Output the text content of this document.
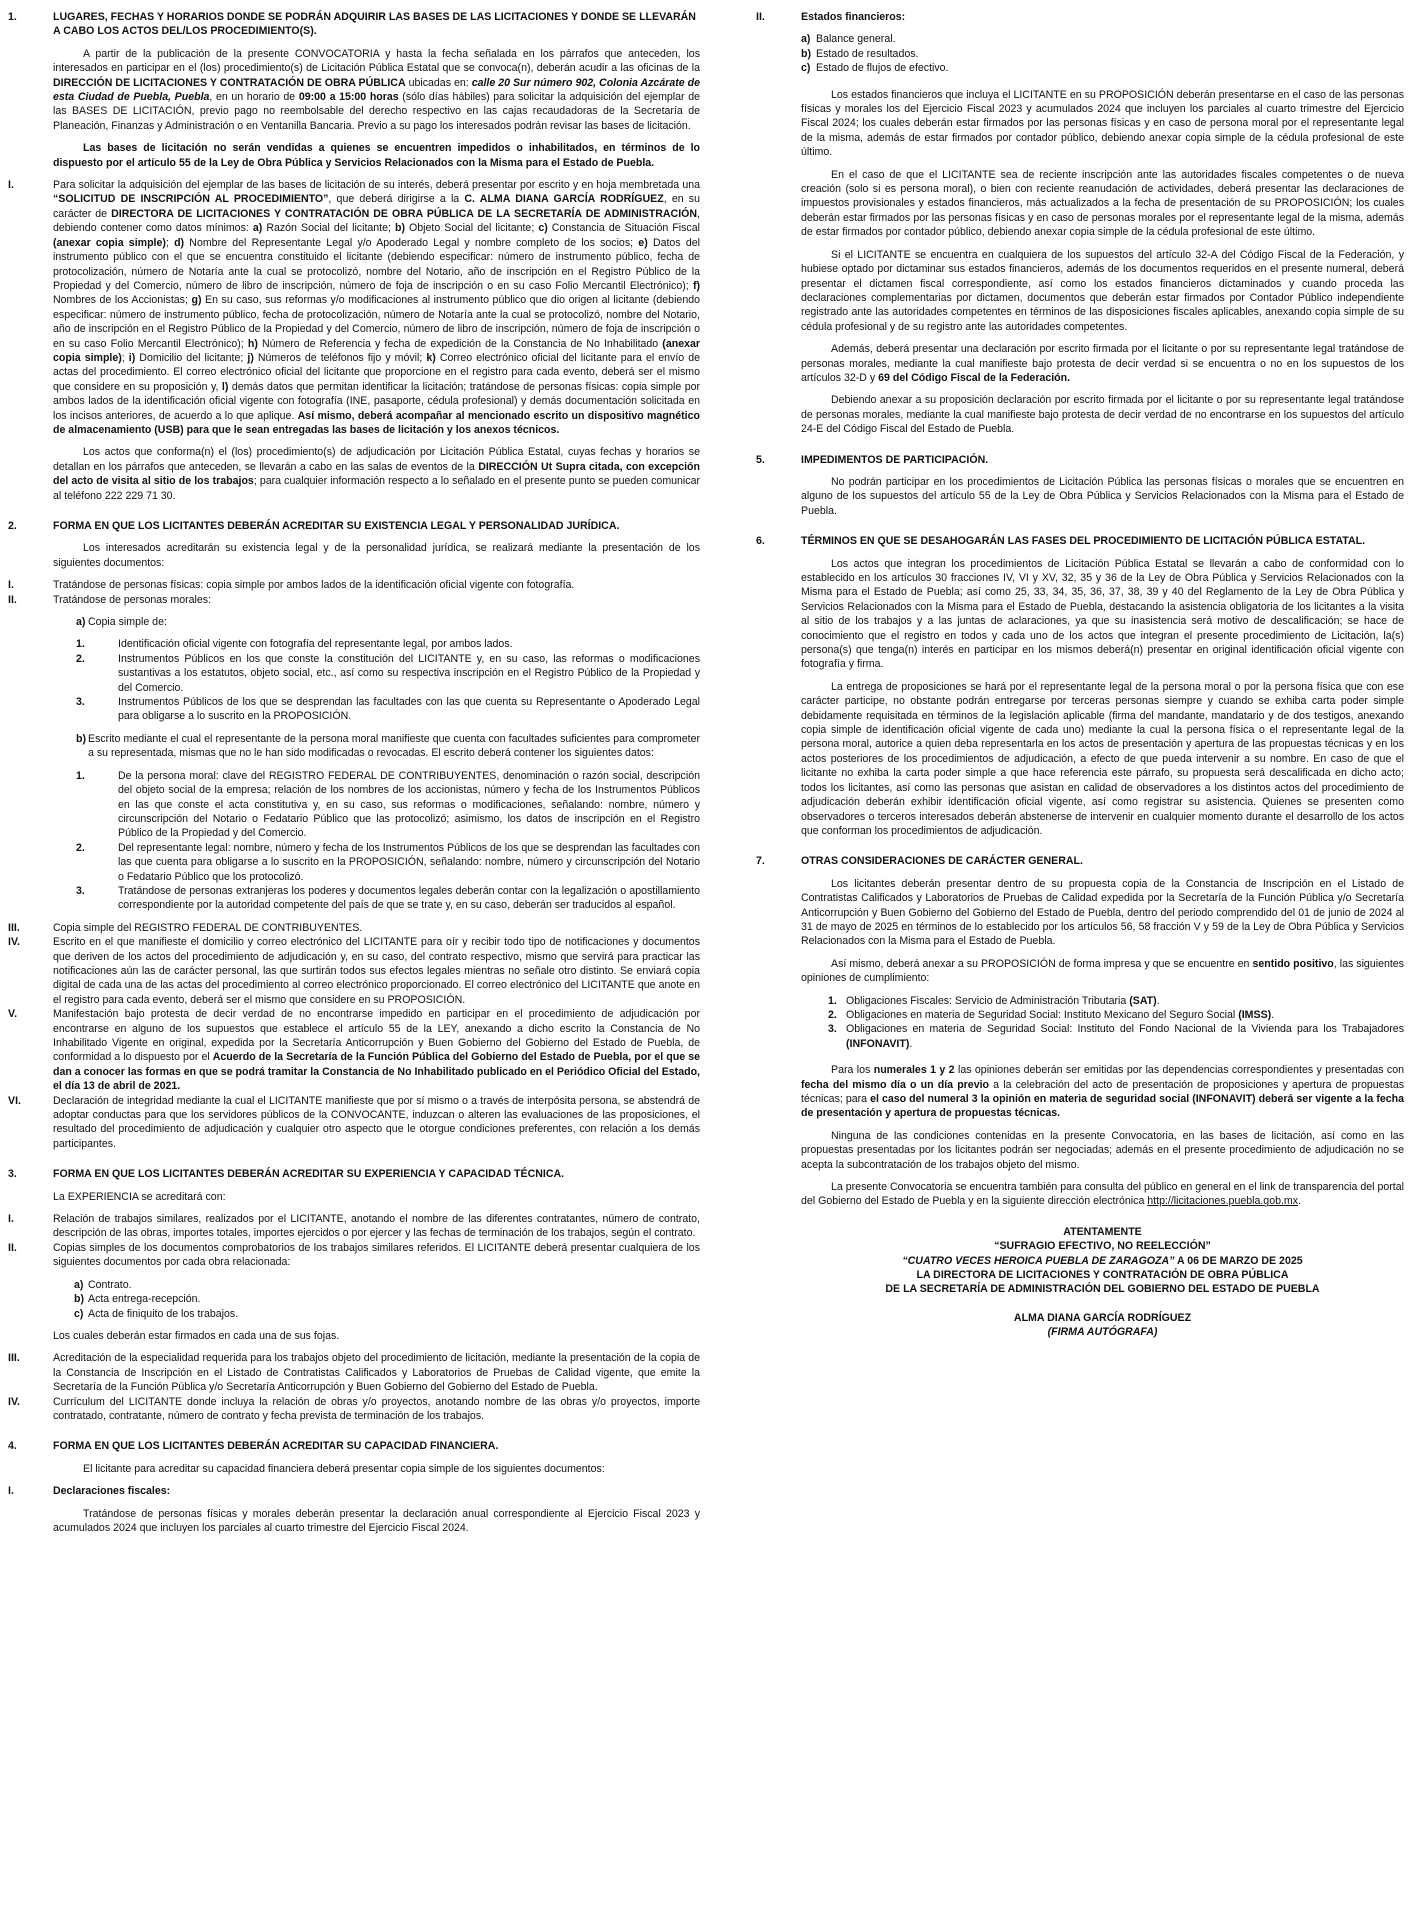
1.	LUGARES, FECHAS Y HORARIOS DONDE SE PODRÁN ADQUIRIR LAS BASES DE LAS LICITACIONES Y DONDE SE LLEVARÁN A CABO LOS ACTOS DEL/LOS PROCEDIMIENTO(S).

A partir de la publicación de la presente CONVOCATORIA y hasta la fecha señalada en los párrafos que anteceden, los interesados en participar en el (los) procedimiento(s) de Licitación Pública Estatal que se convoca(n), deberán acudir a las oficinas de la DIRECCIÓN DE LICITACIONES Y CONTRATACIÓN DE OBRA PÚBLICA ubicadas en: calle 20 Sur número 902, Colonia Azcárate de esta Ciudad de Puebla, Puebla, en un horario de 09:00 a 15:00 horas (sólo días hábiles) para solicitar la adquisición del ejemplar de las BASES DE LICITACIÓN, previo pago no reembolsable del derecho respectivo en las cajas recaudadoras de la Secretaría de Planeación, Finanzas y Administración o en Ventanilla Bancaria. Previo a su pago los interesados podrán revisar las bases de licitación.

Las bases de licitación no serán vendidas a quienes se encuentren impedidos o inhabilitados, en términos de lo dispuesto por el artículo 55 de la Ley de Obra Pública y Servicios Relacionados con la Misma para el Estado de Puebla.

I.	Para solicitar la adquisición del ejemplar de las bases de licitación de su interés, deberá presentar por escrito y en hoja membretada una “SOLICITUD DE INSCRIPCIÓN AL PROCEDIMIENTO”, que deberá dirigirse a la C. ALMA DIANA GARCÍA RODRÍGUEZ, en su carácter de DIRECTORA DE LICITACIONES Y CONTRATACIÓN DE OBRA PÚBLICA DE LA SECRETARÍA DE ADMINISTRACIÓN, debiendo contener como datos mínimos: a) Razón Social del licitante; b) Objeto Social del licitante; c) Constancia de Situación Fiscal (anexar copia simple); d) Nombre del Representante Legal y/o Apoderado Legal y nombre completo de los socios; e) Datos del instrumento público con el que se encuentra constituido el licitante (debiendo especificar: número de instrumento público, fecha de protocolización, número de Notaría ante la cual se protocolizó, nombre del Notario, año de inscripción en el Registro Público de la Propiedad y del Comercio, número de libro de inscripción, número de foja de inscripción o en su caso Folio Mercantil Electrónico); f) Nombres de los Accionistas; g) En su caso, sus reformas y/o modificaciones al instrumento público que dio origen al licitante (debiendo especificar: número de instrumento público, fecha de protocolización, número de Notaría ante la cual se protocolizó, nombre del Notario, año de inscripción en el Registro Público de la Propiedad y del Comercio, número de libro de inscripción, número de foja de inscripción o en su caso Folio Mercantil Electrónico); h) Número de Referencia y fecha de expedición de la Constancia de No Inhabilitado (anexar copia simple); i) Domicilio del licitante; j) Números de teléfonos fijo y móvil; k) Correo electrónico oficial del licitante para el envío de actas del procedimiento. El correo electrónico oficial del licitante que proporcione en el registro para cada evento, deberá ser el mismo que considere en su proposición y, l) demás datos que permitan identificar la licitación; tratándose de personas físicas: copia simple por ambos lados de la identificación oficial vigente con fotografía (INE, pasaporte, cédula profesional) y demás documentación solicitada en los incisos anteriores, de acuerdo a lo que aplique. Así mismo, deberá acompañar al mencionado escrito un dispositivo magnético de almacenamiento (USB) para que le sean entregadas las bases de licitación y los anexos técnicos.

Los actos que conforma(n) el (los) procedimiento(s) de adjudicación por Licitación Pública Estatal, cuyas fechas y horarios se detallan en los párrafos que anteceden, se llevarán a cabo en las salas de eventos de la DIRECCIÓN Ut Supra citada, con excepción del acto de visita al sitio de los trabajos; para cualquier información respecto a lo señalado en el presente punto se pueden comunicar al teléfono 222 229 71 30.

2.	FORMA EN QUE LOS LICITANTES DEBERÁN ACREDITAR SU EXISTENCIA LEGAL Y PERSONALIDAD JURÍDICA.

Los interesados acreditarán su existencia legal y de la personalidad jurídica, se realizará mediante la presentación de los siguientes documentos:

I.	Tratándose de personas físicas: copia simple por ambos lados de la identificación oficial vigente con fotografía.
II.	Tratándose de personas morales:
a) Copia simple de:
1.	Identificación oficial vigente con fotografía del representante legal, por ambos lados.
2.	Instrumentos Públicos en los que conste la constitución del LICITANTE y, en su caso, las reformas o modificaciones sustantivas a los estatutos, objeto social, etc., así como su respectiva inscripción en el Registro Público de la Propiedad y del Comercio.
3.	Instrumentos Públicos de los que se desprendan las facultades con las que cuenta su Representante o Apoderado Legal para obligarse a lo suscrito en la PROPOSICIÓN.
b) Escrito mediante el cual el representante de la persona moral manifieste que cuenta con facultades suficientes para comprometer a su representada, mismas que no le han sido modificadas o revocadas. El escrito deberá contener los siguientes datos:
1.	De la persona moral: clave del REGISTRO FEDERAL DE CONTRIBUYENTES, denominación o razón social, descripción del objeto social de la empresa; relación de los nombres de los accionistas, número y fecha de los Instrumentos Públicos en las que conste el acta constitutiva y, en su caso, sus reformas o modificaciones, señalando: nombre, número y circunscripción del Notario o Fedatario Público que las protocolizó; asimismo, los datos de inscripción en el Registro Público de la Propiedad y del Comercio.
2.	Del representante legal: nombre, número y fecha de los Instrumentos Públicos de los que se desprendan las facultades con las que cuenta para obligarse a lo suscrito en la PROPOSICIÓN, señalando: nombre, número y circunscripción del Notario o Fedatario Público que los protocolizó.
3.	Tratándose de personas extranjeras los poderes y documentos legales deberán contar con la legalización o apostillamiento correspondiente por la autoridad competente del país de que se trate y, en su caso, deberán ser traducidos al español.
III.	Copia simple del REGISTRO FEDERAL DE CONTRIBUYENTES.
IV.	Escrito en el que manifieste el domicilio y correo electrónico del LICITANTE para oír y recibir todo tipo de notificaciones y documentos que deriven de los actos del procedimiento de adjudicación y, en su caso, del contrato respectivo, mismo que servirá para practicar las notificaciones aún las de carácter personal, las que surtirán todos sus efectos legales mientras no señale otro distinto. Se enviará copia digital de cada una de las actas del procedimiento al correo electrónico proporcionado. El correo electrónico del LICITANTE que anote en el registro para cada evento, deberá ser el mismo que considere en su PROPOSICIÓN.
V.	Manifestación bajo protesta de decir verdad de no encontrarse impedido en participar en el procedimiento de adjudicación por encontrarse en alguno de los supuestos que establece el artículo 55 de la LEY, anexando a dicho escrito la Constancia de No Inhabilitado Vigente en original, expedida por la Secretaría Anticorrupción y Buen Gobierno del Gobierno del Estado de Puebla, de conformidad a lo dispuesto por el Acuerdo de la Secretaría de la Función Pública del Gobierno del Estado de Puebla, por el que se dan a conocer las formas en que se podrá tramitar la Constancia de No Inhabilitado publicado en el Periódico Oficial del Estado, el día 13 de abril de 2021.
VI.	Declaración de integridad mediante la cual el LICITANTE manifieste que por sí mismo o a través de interpósita persona, se abstendrá de adoptar conductas para que los servidores públicos de la CONVOCANTE, induzcan o alteren las evaluaciones de las proposiciones, el resultado del procedimiento de adjudicación y cualquier otro aspecto que le otorgue condiciones preferentes, con relación a los demás participantes.
3.	FORMA EN QUE LOS LICITANTES DEBERÁN ACREDITAR SU EXPERIENCIA Y CAPACIDAD TÉCNICA.

La EXPERIENCIA se acreditará con:

I.	Relación de trabajos similares, realizados por el LICITANTE, anotando el nombre de las diferentes contratantes, número de contrato, descripción de las obras, importes totales, importes ejercidos o por ejercer y las fechas de terminación de los trabajos, según el contrato.
II.	Copias simples de los documentos comprobatorios de los trabajos similares referidos. El LICITANTE deberá presentar cualquiera de los siguientes documentos por cada obra relacionada:
a) Contrato.
b) Acta entrega-recepción.
c) Acta de finiquito de los trabajos.

Los cuales deberán estar firmados en cada una de sus fojas.

III.	Acreditación de la especialidad requerida para los trabajos objeto del procedimiento de licitación, mediante la presentación de la copia de la Constancia de Inscripción en el Listado de Contratistas Calificados y Laboratorios de Pruebas de Calidad vigente, que emite la Secretaría de la Función Pública y/o Secretaría Anticorrupción y Buen Gobierno del Gobierno del Estado de Puebla.
IV.	Currículum del LICITANTE donde incluya la relación de obras y/o proyectos, anotando nombre de las obras y/o proyectos, importe contratado, contratante, número de contrato y fecha prevista de terminación de los trabajos.
4.	FORMA EN QUE LOS LICITANTES DEBERÁN ACREDITAR SU CAPACIDAD FINANCIERA.

El licitante para acreditar su capacidad financiera deberá presentar copia simple de los siguientes documentos:

I.	Declaraciones fiscales:

Tratándose de personas físicas y morales deberán presentar la declaración anual correspondiente al Ejercicio Fiscal 2023 y acumulados 2024 que incluyen los parciales al cuarto trimestre del Ejercicio Fiscal 2024.

II.	Estados financieros:
a) Balance general.
b) Estado de resultados.
c) Estado de flujos de efectivo.

Los estados financieros que incluya el LICITANTE en su PROPOSICIÓN deberán presentarse en el caso de las personas físicas y morales los del Ejercicio Fiscal 2023 y acumulados 2024 que incluyen los parciales al cuarto trimestre del Ejercicio Fiscal 2024; los cuales deberán estar firmados por las personas físicas y en caso de persona moral por el representante legal de la misma, además de estar firmados por contador público, debiendo anexar copia simple de la cédula profesional de este último.

En el caso de que el LICITANTE sea de reciente inscripción ante las autoridades fiscales competentes o de nueva creación (solo si es persona moral), o bien con reciente reanudación de actividades, deberá presentar las declaraciones de impuestos provisionales y estados financieros, más actualizados a la fecha de presentación de su PROPOSICIÓN; los cuales deberán estar firmados por las personas físicas y en caso de personas morales por el representante legal de la misma, además de estar firmados por contador público, debiendo anexar copia simple de la cédula profesional de este último.

Si el LICITANTE se encuentra en cualquiera de los supuestos del artículo 32-A del Código Fiscal de la Federación, y hubiese optado por dictaminar sus estados financieros, además de los documentos requeridos en el presente numeral, deberá presentar el dictamen fiscal correspondiente, así como los estados financieros dictaminados y cuando proceda las declaraciones complementarias por dictamen, documentos que deberán estar firmados por Contador Público independiente registrado ante las autoridades competentes en términos de las disposiciones fiscales aplicables, anexando copia simple de su cédula profesional y de su registro ante las autoridades competentes.

Además, deberá presentar una declaración por escrito firmada por el licitante o por su representante legal tratándose de personas morales, mediante la cual manifieste bajo protesta de decir verdad si se encuentra o no en los supuestos de los artículos 32-D y 69 del Código Fiscal de la Federación.

Debiendo anexar a su proposición declaración por escrito firmada por el licitante o por su representante legal tratándose de personas morales, mediante la cual manifieste bajo protesta de decir verdad de no encontrarse en los supuestos del artículo 24-E del Código Fiscal del Estado de Puebla.

5.	IMPEDIMENTOS DE PARTICIPACIÓN.

No podrán participar en los procedimientos de Licitación Pública las personas físicas o morales que se encuentren en alguno de los supuestos del artículo 55 de la Ley de Obra Pública y Servicios Relacionados con la Misma para el Estado de Puebla.

6.	TÉRMINOS EN QUE SE DESAHOGARÁN LAS FASES DEL PROCEDIMIENTO DE LICITACIÓN PÚBLICA ESTATAL.

Los actos que integran los procedimientos de Licitación Pública Estatal se llevarán a cabo de conformidad con lo establecido en los artículos 30 fracciones IV, VI y XV, 32, 35 y 36 de la Ley de Obra Pública y Servicios Relacionados con la Misma para el Estado de Puebla; así como 25, 33, 34, 35, 36, 37, 38, 39 y 40 del Reglamento de la Ley de Obra Pública y Servicios Relacionados con la Misma para el Estado de Puebla, destacando la asistencia obligatoria de los licitantes a la visita al sitio de los trabajos y a las juntas de aclaraciones, ya que su inasistencia será motivo de descalificación; se hace de conocimiento que el registro en todos y cada uno de los actos que integran el presente procedimiento de Licitación, la(s) persona(s) que tenga(n) interés en participar en los mismos deberá(n) presentar en original identificación oficial vigente con fotografía y firma.

La entrega de proposiciones se hará por el representante legal de la persona moral o por la persona física que con ese carácter participe, no obstante podrán entregarse por terceras personas siempre y cuando se exhiba carta poder simple debidamente requisitada en términos de la legislación aplicable (firma del mandante, mandatario y de dos testigos, anexando copia simple de identificación oficial vigente de cada uno) mediante la cual la persona física o el representante legal de la persona moral, autorice a quien deba representarla en los actos de presentación y apertura de las propuestas técnicas y en los actos posteriores de los procedimientos de adjudicación, a efecto de que pueda intervenir a su nombre. En caso de que el licitante no exhiba la carta poder simple a que hace referencia este párrafo, su propuesta será descalificada en dicho acto; todos los licitantes, así como las personas que asistan en calidad de observadores a los distintos actos del procedimiento de adjudicación deberán exhibir identificación oficial vigente, así como registrar su asistencia. Quienes se presenten como observadores o terceros interesados deberán abstenerse de intervenir en cualquier momento durante el desarrollo de los actos que conforman los procedimientos de adjudicación.

7.	OTRAS CONSIDERACIONES DE CARÁCTER GENERAL.

Los licitantes deberán presentar dentro de su propuesta copia de la Constancia de Inscripción en el Listado de Contratistas Calificados y Laboratorios de Pruebas de Calidad expedida por la Secretaría de la Función Pública y/o Secretaría Anticorrupción y Buen Gobierno del Gobierno del Estado de Puebla, dentro del periodo comprendido del 01 de junio de 2024 al 31 de mayo de 2025 en términos de lo establecido por los artículos 56, 58 fracción V y 59 de la Ley de Obra Pública y Servicios Relacionados con la Misma para el Estado de Puebla.

Así mismo, deberá anexar a su PROPOSICIÓN de forma impresa y que se encuentre en sentido positivo, las siguientes opiniones de cumplimiento:

1. Obligaciones Fiscales: Servicio de Administración Tributaria (SAT).
2. Obligaciones en materia de Seguridad Social: Instituto Mexicano del Seguro Social (IMSS).
3. Obligaciones en materia de Seguridad Social: Instituto del Fondo Nacional de la Vivienda para los Trabajadores (INFONAVIT).

Para los numerales 1 y 2 las opiniones deberán ser emitidas por las dependencias correspondientes y presentadas con fecha del mismo día o un día previo a la celebración del acto de presentación de proposiciones y apertura de propuestas técnicas; para el caso del numeral 3 la opinión en materia de seguridad social (INFONAVIT) deberá ser vigente a la fecha de presentación y apertura de propuestas técnicas.

Ninguna de las condiciones contenidas en la presente Convocatoria, en las bases de licitación, así como en las propuestas presentadas por los licitantes podrán ser negociadas; además en el presente procedimiento de adjudicación no se acepta la subcontratación de los trabajos objeto del mismo.

La presente Convocatoria se encuentra también para consulta del público en general en el link de transparencia del portal del Gobierno del Estado de Puebla y en la siguiente dirección electrónica http://licitaciones.puebla.gob.mx.

ATENTAMENTE

“SUFRAGIO EFECTIVO, NO REELECCIÓN”

“CUATRO VECES HEROICA PUEBLA DE ZARAGOZA” A 06 DE MARZO DE 2025

LA DIRECTORA DE LICITACIONES Y CONTRATACIÓN DE OBRA PÚBLICA

DE LA SECRETARÍA DE ADMINISTRACIÓN DEL GOBIERNO DEL ESTADO DE PUEBLA

ALMA DIANA GARCÍA RODRÍGUEZ

(FIRMA AUTÓGRAFA)
